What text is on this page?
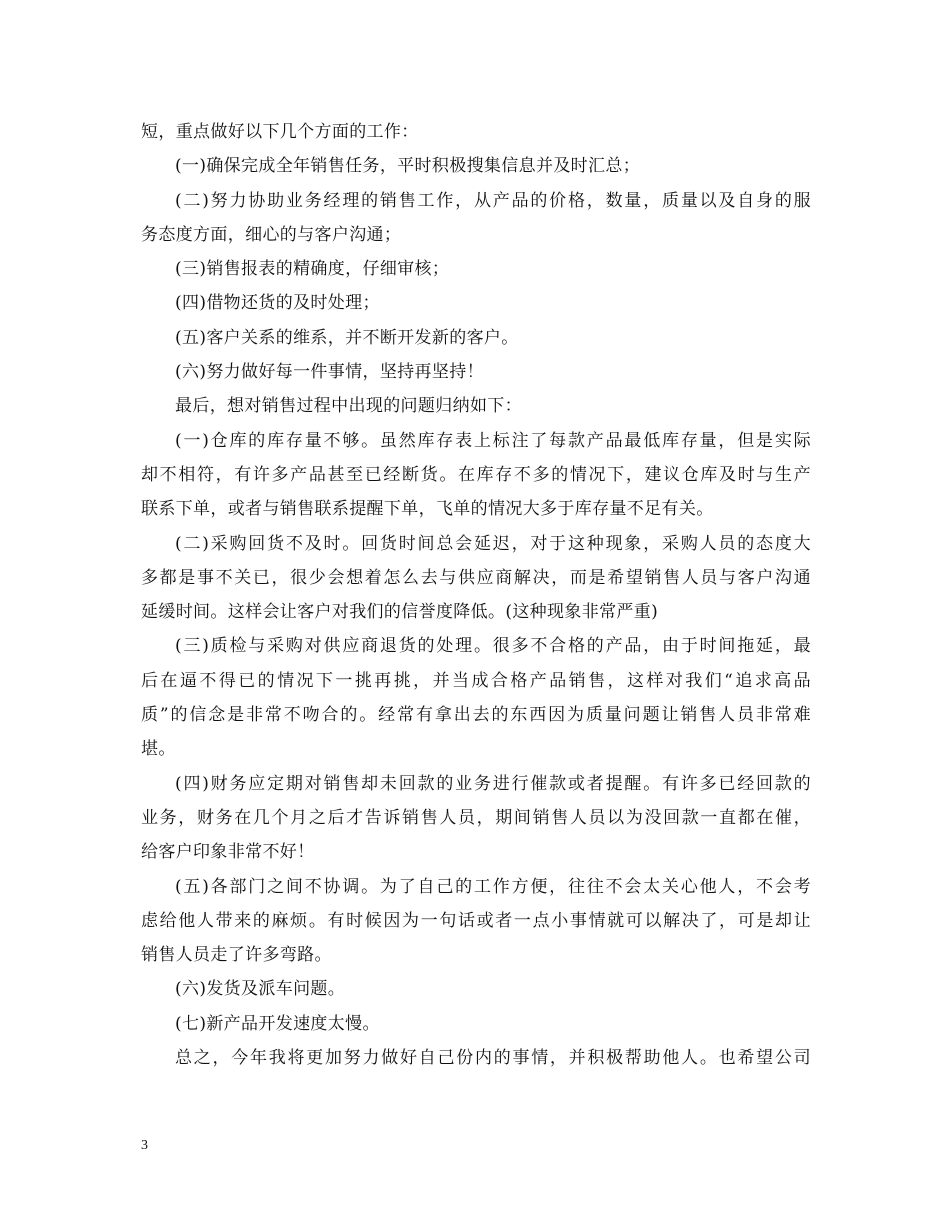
短，重点做好以下几个方面的工作：
(一)确保完成全年销售任务，平时积极搜集信息并及时汇总；
(二)努力协助业务经理的销售工作，从产品的价格，数量，质量以及自身的服
务态度方面，细心的与客户沟通；
(三)销售报表的精确度，仔细审核；
(四)借物还货的及时处理；
(五)客户关系的维系，并不断开发新的客户。
(六)努力做好每一件事情，坚持再坚持！
最后，想对销售过程中出现的问题归纳如下：
(一)仓库的库存量不够。虽然库存表上标注了每款产品最低库存量，但是实际
却不相符，有许多产品甚至已经断货。在库存不多的情况下，建议仓库及时与生产
联系下单，或者与销售联系提醒下单，飞单的情况大多于库存量不足有关。
(二)采购回货不及时。回货时间总会延迟，对于这种现象，采购人员的态度大
多都是事不关已，很少会想着怎么去与供应商解决，而是希望销售人员与客户沟通
延缓时间。这样会让客户对我们的信誉度降低。(这种现象非常严重)
(三)质检与采购对供应商退货的处理。很多不合格的产品，由于时间拖延，最
后在逼不得已的情况下一挑再挑，并当成合格产品销售，这样对我们“追求高品
质”的信念是非常不吻合的。经常有拿出去的东西因为质量问题让销售人员非常难
堪。
(四)财务应定期对销售却未回款的业务进行催款或者提醒。有许多已经回款的
业务，财务在几个月之后才告诉销售人员，期间销售人员以为没回款一直都在催，
给客户印象非常不好！
(五)各部门之间不协调。为了自己的工作方便，往往不会太关心他人，不会考
虑给他人带来的麻烦。有时候因为一句话或者一点小事情就可以解决了，可是却让
销售人员走了许多弯路。
(六)发货及派车问题。
(七)新产品开发速度太慢。
总之，今年我将更加努力做好自己份内的事情，并积极帮助他人。也希望公司
3
